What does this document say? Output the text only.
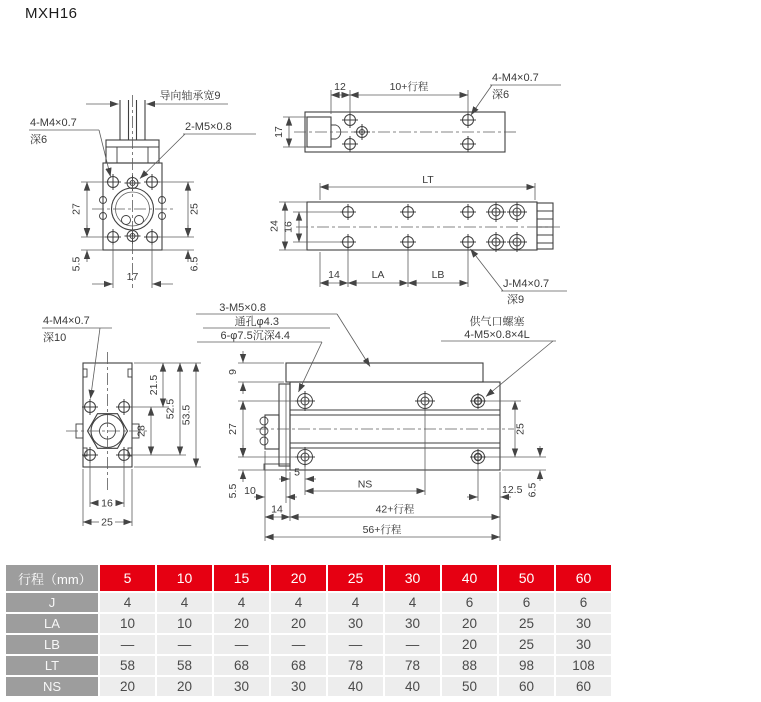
MXH16
导向轴承宽9
4-M4×0.7
深6
2-M5×0.8
27	25
5.5	6.5
17
12	10+行程
17
4-M4×0.7
深6
LT
24 16
14	LA	LB
J-M4×0.7
深9
4-M4×0.7
深10
28
21.5
52.5 53.5
16
25
3-M5×0.8
通孔φ4.3
6-φ7.5沉深4.4
供气口螺塞
4-M5×0.8×4L
9
27
5.5
5
NS
10
14	42+行程
56+行程
25
12.5 6.5
行程（mm）	5	10	15	20	25	30	40	50	60
J	4	4	4	4	4	4	6	6	6
LA	10	10	20	20	30	30	20	25	30
LB	—	—	—	—	—	—	20	25	30
LT	58	58	68	68	78	78	88	98	108
NS	20	20	30	30	40	40	50	60	60
